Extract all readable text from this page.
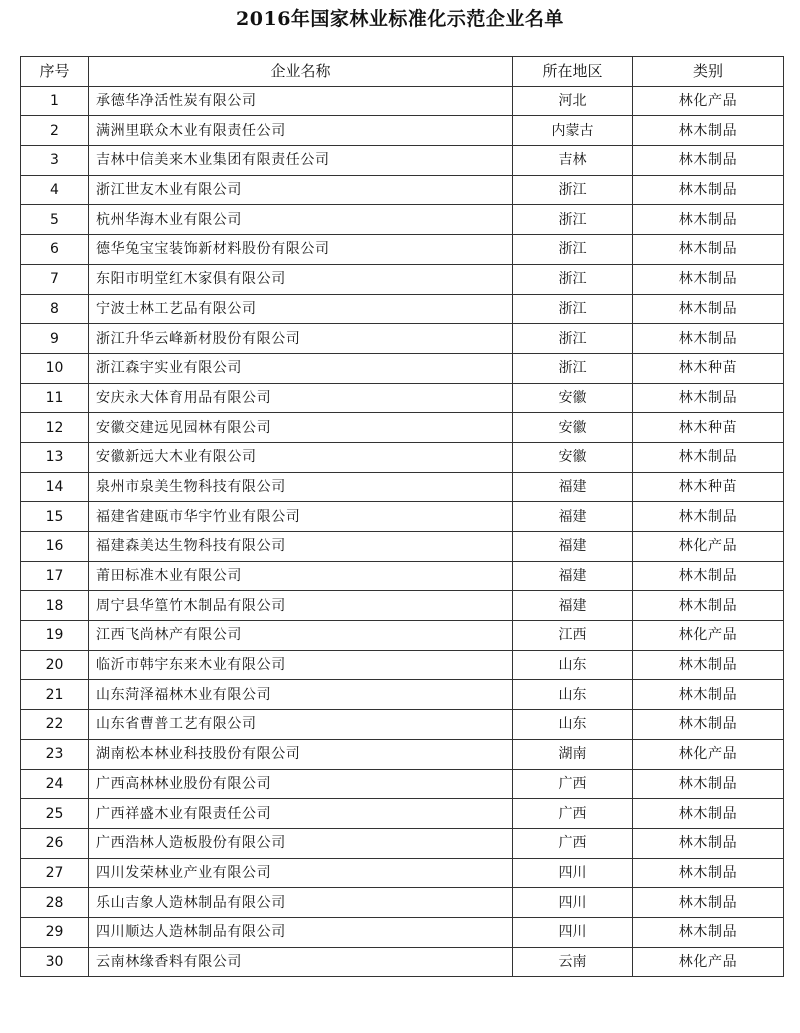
2016年国家林业标准化示范企业名单
序号	企业名称	所在地区	类别
1	承德华净活性炭有限公司	河北	林化产品
2	满洲里联众木业有限责任公司	内蒙古	林木制品
3	吉林中信美来木业集团有限责任公司	吉林	林木制品
4	浙江世友木业有限公司	浙江	林木制品
5	杭州华海木业有限公司	浙江	林木制品
6	德华兔宝宝装饰新材料股份有限公司	浙江	林木制品
7	东阳市明堂红木家俱有限公司	浙江	林木制品
8	宁波士林工艺品有限公司	浙江	林木制品
9	浙江升华云峰新材股份有限公司	浙江	林木制品
10	浙江森宇实业有限公司	浙江	林木种苗
11	安庆永大体育用品有限公司	安徽	林木制品
12	安徽交建远见园林有限公司	安徽	林木种苗
13	安徽新远大木业有限公司	安徽	林木制品
14	泉州市泉美生物科技有限公司	福建	林木种苗
15	福建省建瓯市华宇竹业有限公司	福建	林木制品
16	福建森美达生物科技有限公司	福建	林化产品
17	莆田标准木业有限公司	福建	林木制品
18	周宁县华篁竹木制品有限公司	福建	林木制品
19	江西飞尚林产有限公司	江西	林化产品
20	临沂市韩宇东来木业有限公司	山东	林木制品
21	山东菏泽福林木业有限公司	山东	林木制品
22	山东省曹普工艺有限公司	山东	林木制品
23	湖南松本林业科技股份有限公司	湖南	林化产品
24	广西高林林业股份有限公司	广西	林木制品
25	广西祥盛木业有限责任公司	广西	林木制品
26	广西浩林人造板股份有限公司	广西	林木制品
27	四川发荣林业产业有限公司	四川	林木制品
28	乐山吉象人造林制品有限公司	四川	林木制品
29	四川顺达人造林制品有限公司	四川	林木制品
30	云南林缘香料有限公司	云南	林化产品
